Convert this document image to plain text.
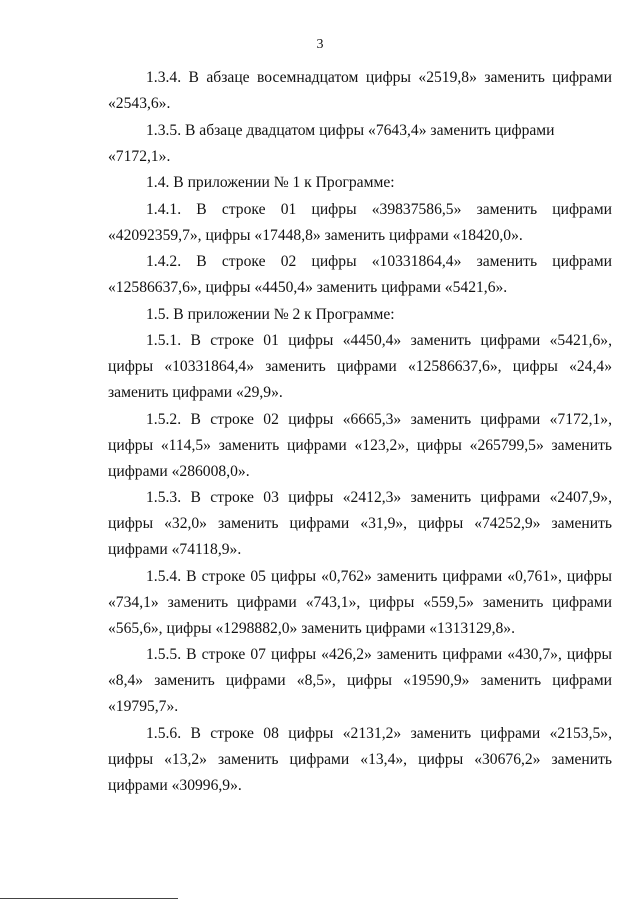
3

1.3.4. В абзаце восемнадцатом цифры «2519,8» заменить цифрами «2543,6».

1.3.5. В абзаце двадцатом цифры «7643,4» заменить цифрами «7172,1».

1.4. В приложении № 1 к Программе:

1.4.1. В строке 01 цифры «39837586,5» заменить цифрами «42092359,7», цифры «17448,8» заменить цифрами «18420,0».

1.4.2. В строке 02 цифры «10331864,4» заменить цифрами «12586637,6», цифры «4450,4» заменить цифрами «5421,6».

1.5. В приложении № 2 к Программе:

1.5.1. В строке 01 цифры «4450,4» заменить цифрами «5421,6», цифры «10331864,4» заменить цифрами «12586637,6», цифры «24,4» заменить цифрами «29,9».

1.5.2. В строке 02 цифры «6665,3» заменить цифрами «7172,1», цифры «114,5» заменить цифрами «123,2», цифры «265799,5» заменить цифрами «286008,0».

1.5.3. В строке 03 цифры «2412,3» заменить цифрами «2407,9», цифры «32,0» заменить цифрами «31,9», цифры «74252,9» заменить цифрами «74118,9».

1.5.4. В строке 05 цифры «0,762» заменить цифрами «0,761», цифры «734,1» заменить цифрами «743,1», цифры «559,5» заменить цифрами «565,6», цифры «1298882,0» заменить цифрами «1313129,8».

1.5.5. В строке 07 цифры «426,2» заменить цифрами «430,7», цифры «8,4» заменить цифрами «8,5», цифры «19590,9» заменить цифрами «19795,7».

1.5.6. В строке 08 цифры «2131,2» заменить цифрами «2153,5», цифры «13,2» заменить цифрами «13,4», цифры «30676,2» заменить цифрами «30996,9».
